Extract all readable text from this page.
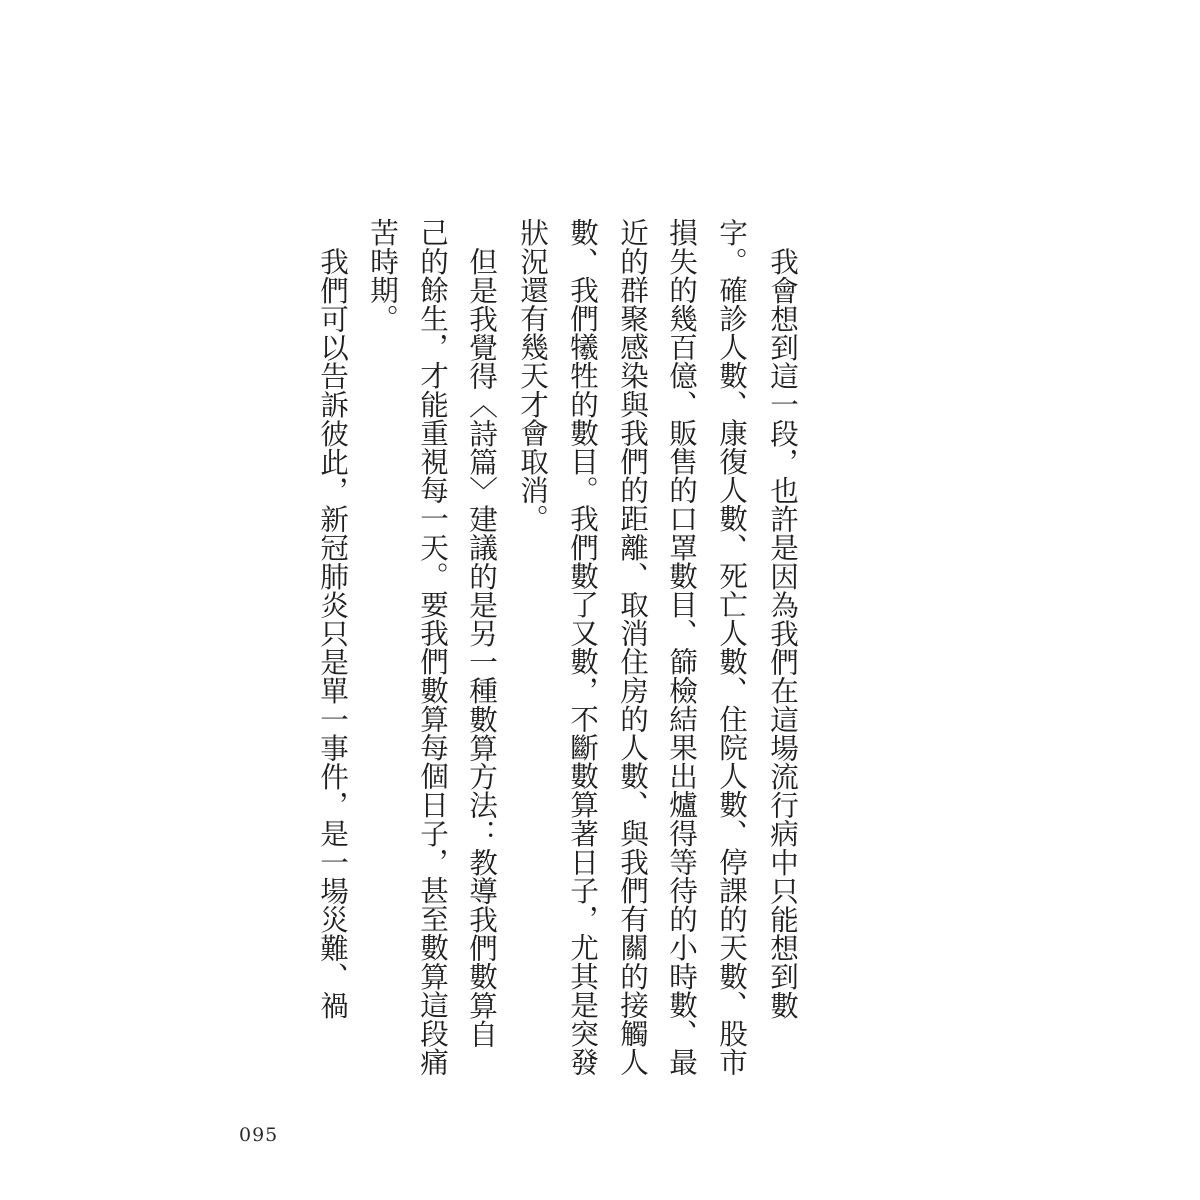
我會想到這一段，也許是因為我們在這場流行病中只能想到數
字。確診人數、康復人數、死亡人數、住院人數、停課的天數、股市
損失的幾百億、販售的口罩數目、篩檢結果出爐得等待的小時數、最
近的群聚感染與我們的距離、取消住房的人數、與我們有關的接觸人
數、我們犧牲的數目。我們數了又數，不斷數算著日子，尤其是突發
狀況還有幾天才會取消。
但是我覺得〈詩篇〉建議的是另一種數算方法：教導我們數算自
己的餘生，才能重視每一天。要我們數算每個日子，甚至數算這段痛
苦時期。
我們可以告訴彼此，新冠肺炎只是單一事件，是一場災難、禍
095
